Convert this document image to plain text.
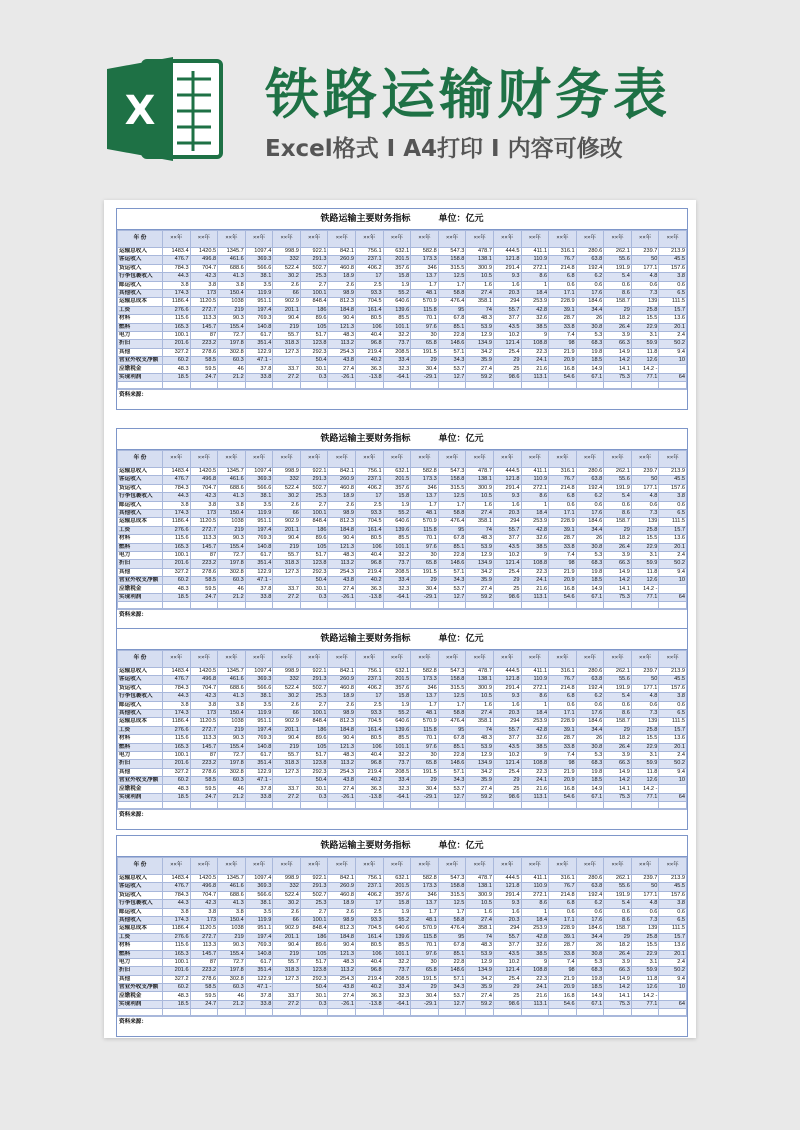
X 铁路运输财务表
Excel格式 I A4打印 I 内容可修改
铁路运输主要财务指标	单位：亿元
年 份	××年	××年	××年	××年	××年	××年	××年	××年	××年	××年	××年	××年	××年	××年	××年	××年	××年	××年	××年
运输总收入	1483.4	1420.5	1345.7	1097.4	998.9	922.1	842.1	756.1	632.1	582.8	547.3	478.7	444.5	411.1	316.1	280.6	262.1	239.7	213.9
客运收入	476.7	496.8	461.6	369.3	332	291.3	260.9	237.1	201.5	173.3	158.8	138.1	121.8	110.9	76.7	63.8	55.6	50	45.5
货运收入	784.3	704.7	688.6	566.6	522.4	502.7	460.8	406.2	357.6	346	315.5	300.9	291.4	272.1	214.8	192.4	191.9	177.1	157.6
行李包裹收入	44.3	42.3	41.3	38.1	30.2	25.3	18.9	17	15.8	13.7	12.5	10.5	9.3	8.6	6.8	6.2	5.4	4.8	3.8
邮运收入	3.8	3.8	3.8	3.5	2.6	2.7	2.6	2.5	1.9	1.7	1.7	1.6	1.6	1	0.6	0.6	0.6	0.6	0.6
其他收入	174.3	173	150.4	119.9	66	100.1	98.9	93.3	55.2	48.1	58.8	27.4	20.3	18.4	17.1	17.6	8.6	7.3	6.5
运输总成本	1186.4	1120.5	1038	951.1	902.9	848.4	812.3	704.5	640.6	570.9	476.4	358.1	294	253.9	228.9	184.6	158.7	139	111.5
工资	276.6	272.7	219	197.4	201.1	186	184.8	161.4	139.6	115.8	95	74	55.7	42.8	39.1	34.4	29	25.8	15.7
材料	115.6	113.3	90.3	769.3	90.4	89.6	90.4	80.5	85.5	70.1	67.8	48.3	37.7	32.6	28.7	26	18.2	15.5	13.6
燃料	165.3	145.7	155.4	140.8	219	105	121.3	106	101.1	97.6	85.1	53.9	43.5	38.5	33.8	30.8	26.4	22.9	20.1
电力	100.1	87	72.7	61.7	55.7	51.7	48.3	40.4	32.2	30	22.8	12.9	10.2	9	7.4	5.3	3.9	3.1	2.4
折旧	201.6	223.2	197.8	351.4	318.3	123.8	113.2	96.8	73.7	65.8	148.6	134.9	121.4	108.8	98	68.3	66.3	59.9	50.2
其他	327.2	278.6	302.8	122.9	127.3	292.3	254.3	219.4	208.5	191.5	57.1	34.2	25.4	22.3	21.9	19.8	14.9	11.8	9.4
营业外收支净额	60.2	58.5	60.3	47.1 -		50.4	43.8	40.2	33.4	29	34.3	35.9	29	24.1	20.9	18.5	14.2	12.6	10
应缴税金	48.3	59.5	46	37.8	33.7	30.1	27.4	36.3	32.3	30.4	53.7	27.4	25	21.6	16.8	14.9	14.1	14.2 -	
实现利润	18.5	24.7	21.2	33.8	27.2	0.3	-26.1	-13.8	-64.1	-29.1	12.7	59.2	98.6	113.1	54.6	67.1	75.3	77.1	64

资料来源：
铁路运输主要财务指标	单位：亿元
年 份	××年	××年	××年	××年	××年	××年	××年	××年	××年	××年	××年	××年	××年	××年	××年	××年	××年	××年	××年
运输总收入	1483.4	1420.5	1345.7	1097.4	998.9	922.1	842.1	756.1	632.1	582.8	547.3	478.7	444.5	411.1	316.1	280.6	262.1	239.7	213.9
客运收入	476.7	496.8	461.6	369.3	332	291.3	260.9	237.1	201.5	173.3	158.8	138.1	121.8	110.9	76.7	63.8	55.6	50	45.5
货运收入	784.3	704.7	688.6	566.6	522.4	502.7	460.8	406.2	357.6	346	315.5	300.9	291.4	272.1	214.8	192.4	191.9	177.1	157.6
行李包裹收入	44.3	42.3	41.3	38.1	30.2	25.3	18.9	17	15.8	13.7	12.5	10.5	9.3	8.6	6.8	6.2	5.4	4.8	3.8
邮运收入	3.8	3.8	3.8	3.5	2.6	2.7	2.6	2.5	1.9	1.7	1.7	1.6	1.6	1	0.6	0.6	0.6	0.6	0.6
其他收入	174.3	173	150.4	119.9	66	100.1	98.9	93.3	55.2	48.1	58.8	27.4	20.3	18.4	17.1	17.6	8.6	7.3	6.5
运输总成本	1186.4	1120.5	1038	951.1	902.9	848.4	812.3	704.5	640.6	570.9	476.4	358.1	294	253.9	228.9	184.6	158.7	139	111.5
工资	276.6	272.7	219	197.4	201.1	186	184.8	161.4	139.6	115.8	95	74	55.7	42.8	39.1	34.4	29	25.8	15.7
材料	115.6	113.3	90.3	769.3	90.4	89.6	90.4	80.5	85.5	70.1	67.8	48.3	37.7	32.6	28.7	26	18.2	15.5	13.6
燃料	165.3	145.7	155.4	140.8	219	105	121.3	106	101.1	97.6	85.1	53.9	43.5	38.5	33.8	30.8	26.4	22.9	20.1
电力	100.1	87	72.7	61.7	55.7	51.7	48.3	40.4	32.2	30	22.8	12.9	10.2	9	7.4	5.3	3.9	3.1	2.4
折旧	201.6	223.2	197.8	351.4	318.3	123.8	113.2	96.8	73.7	65.8	148.6	134.9	121.4	108.8	98	68.3	66.3	59.9	50.2
其他	327.2	278.6	302.8	122.9	127.3	292.3	254.3	219.4	208.5	191.5	57.1	34.2	25.4	22.3	21.9	19.8	14.9	11.8	9.4
营业外收支净额	60.2	58.5	60.3	47.1 -		50.4	43.8	40.2	33.4	29	34.3	35.9	29	24.1	20.9	18.5	14.2	12.6	10
应缴税金	48.3	59.5	46	37.8	33.7	30.1	27.4	36.3	32.3	30.4	53.7	27.4	25	21.6	16.8	14.9	14.1	14.2 -	
实现利润	18.5	24.7	21.2	33.8	27.2	0.3	-26.1	-13.8	-64.1	-29.1	12.7	59.2	98.6	113.1	54.6	67.1	75.3	77.1	64

资料来源：
铁路运输主要财务指标	单位：亿元
年 份	××年	××年	××年	××年	××年	××年	××年	××年	××年	××年	××年	××年	××年	××年	××年	××年	××年	××年	××年
运输总收入	1483.4	1420.5	1345.7	1097.4	998.9	922.1	842.1	756.1	632.1	582.8	547.3	478.7	444.5	411.1	316.1	280.6	262.1	239.7	213.9
客运收入	476.7	496.8	461.6	369.3	332	291.3	260.9	237.1	201.5	173.3	158.8	138.1	121.8	110.9	76.7	63.8	55.6	50	45.5
货运收入	784.3	704.7	688.6	566.6	522.4	502.7	460.8	406.2	357.6	346	315.5	300.9	291.4	272.1	214.8	192.4	191.9	177.1	157.6
行李包裹收入	44.3	42.3	41.3	38.1	30.2	25.3	18.9	17	15.8	13.7	12.5	10.5	9.3	8.6	6.8	6.2	5.4	4.8	3.8
邮运收入	3.8	3.8	3.8	3.5	2.6	2.7	2.6	2.5	1.9	1.7	1.7	1.6	1.6	1	0.6	0.6	0.6	0.6	0.6
其他收入	174.3	173	150.4	119.9	66	100.1	98.9	93.3	55.2	48.1	58.8	27.4	20.3	18.4	17.1	17.6	8.6	7.3	6.5
运输总成本	1186.4	1120.5	1038	951.1	902.9	848.4	812.3	704.5	640.6	570.9	476.4	358.1	294	253.9	228.9	184.6	158.7	139	111.5
工资	276.6	272.7	219	197.4	201.1	186	184.8	161.4	139.6	115.8	95	74	55.7	42.8	39.1	34.4	29	25.8	15.7
材料	115.6	113.3	90.3	769.3	90.4	89.6	90.4	80.5	85.5	70.1	67.8	48.3	37.7	32.6	28.7	26	18.2	15.5	13.6
燃料	165.3	145.7	155.4	140.8	219	105	121.3	106	101.1	97.6	85.1	53.9	43.5	38.5	33.8	30.8	26.4	22.9	20.1
电力	100.1	87	72.7	61.7	55.7	51.7	48.3	40.4	32.2	30	22.8	12.9	10.2	9	7.4	5.3	3.9	3.1	2.4
折旧	201.6	223.2	197.8	351.4	318.3	123.8	113.2	96.8	73.7	65.8	148.6	134.9	121.4	108.8	98	68.3	66.3	59.9	50.2
其他	327.2	278.6	302.8	122.9	127.3	292.3	254.3	219.4	208.5	191.5	57.1	34.2	25.4	22.3	21.9	19.8	14.9	11.8	9.4
营业外收支净额	60.2	58.5	60.3	47.1 -		50.4	43.8	40.2	33.4	29	34.3	35.9	29	24.1	20.9	18.5	14.2	12.6	10
应缴税金	48.3	59.5	46	37.8	33.7	30.1	27.4	36.3	32.3	30.4	53.7	27.4	25	21.6	16.8	14.9	14.1	14.2 -	
实现利润	18.5	24.7	21.2	33.8	27.2	0.3	-26.1	-13.8	-64.1	-29.1	12.7	59.2	98.6	113.1	54.6	67.1	75.3	77.1	64

资料来源：
铁路运输主要财务指标	单位：亿元
年 份	××年	××年	××年	××年	××年	××年	××年	××年	××年	××年	××年	××年	××年	××年	××年	××年	××年	××年	××年
运输总收入	1483.4	1420.5	1345.7	1097.4	998.9	922.1	842.1	756.1	632.1	582.8	547.3	478.7	444.5	411.1	316.1	280.6	262.1	239.7	213.9
客运收入	476.7	496.8	461.6	369.3	332	291.3	260.9	237.1	201.5	173.3	158.8	138.1	121.8	110.9	76.7	63.8	55.6	50	45.5
货运收入	784.3	704.7	688.6	566.6	522.4	502.7	460.8	406.2	357.6	346	315.5	300.9	291.4	272.1	214.8	192.4	191.9	177.1	157.6
行李包裹收入	44.3	42.3	41.3	38.1	30.2	25.3	18.9	17	15.8	13.7	12.5	10.5	9.3	8.6	6.8	6.2	5.4	4.8	3.8
邮运收入	3.8	3.8	3.8	3.5	2.6	2.7	2.6	2.5	1.9	1.7	1.7	1.6	1.6	1	0.6	0.6	0.6	0.6	0.6
其他收入	174.3	173	150.4	119.9	66	100.1	98.9	93.3	55.2	48.1	58.8	27.4	20.3	18.4	17.1	17.6	8.6	7.3	6.5
运输总成本	1186.4	1120.5	1038	951.1	902.9	848.4	812.3	704.5	640.6	570.9	476.4	358.1	294	253.9	228.9	184.6	158.7	139	111.5
工资	276.6	272.7	219	197.4	201.1	186	184.8	161.4	139.6	115.8	95	74	55.7	42.8	39.1	34.4	29	25.8	15.7
材料	115.6	113.3	90.3	769.3	90.4	89.6	90.4	80.5	85.5	70.1	67.8	48.3	37.7	32.6	28.7	26	18.2	15.5	13.6
燃料	165.3	145.7	155.4	140.8	219	105	121.3	106	101.1	97.6	85.1	53.9	43.5	38.5	33.8	30.8	26.4	22.9	20.1
电力	100.1	87	72.7	61.7	55.7	51.7	48.3	40.4	32.2	30	22.8	12.9	10.2	9	7.4	5.3	3.9	3.1	2.4
折旧	201.6	223.2	197.8	351.4	318.3	123.8	113.2	96.8	73.7	65.8	148.6	134.9	121.4	108.8	98	68.3	66.3	59.9	50.2
其他	327.2	278.6	302.8	122.9	127.3	292.3	254.3	219.4	208.5	191.5	57.1	34.2	25.4	22.3	21.9	19.8	14.9	11.8	9.4
营业外收支净额	60.2	58.5	60.3	47.1 -		50.4	43.8	40.2	33.4	29	34.3	35.9	29	24.1	20.9	18.5	14.2	12.6	10
应缴税金	48.3	59.5	46	37.8	33.7	30.1	27.4	36.3	32.3	30.4	53.7	27.4	25	21.6	16.8	14.9	14.1	14.2 -	
实现利润	18.5	24.7	21.2	33.8	27.2	0.3	-26.1	-13.8	-64.1	-29.1	12.7	59.2	98.6	113.1	54.6	67.1	75.3	77.1	64

资料来源：
